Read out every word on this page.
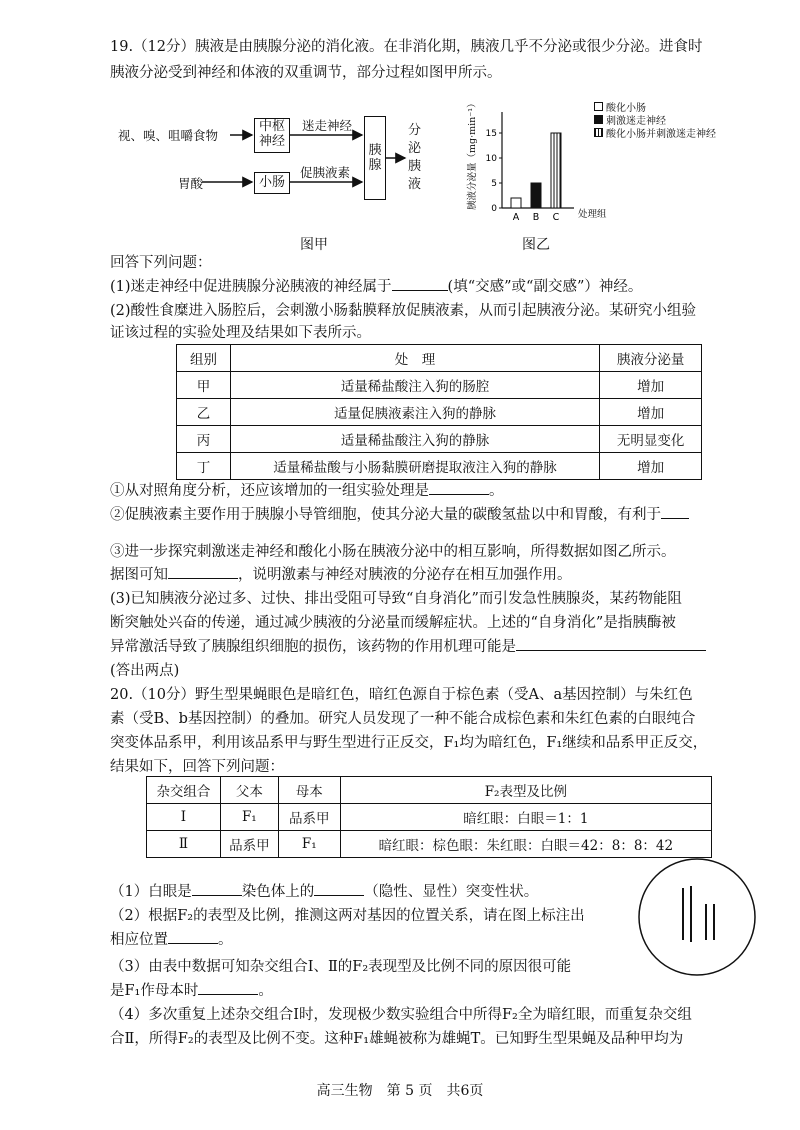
19.（12分）胰液是由胰腺分泌的消化液。在非消化期，胰液几乎不分泌或很少分泌。进食时
胰液分泌受到神经和体液的双重调节，部分过程如图甲所示。
视、嗅、咀嚼食物
中枢
神经
迷走神经
胃酸	小肠
促胰液素
胰
腺
分
泌
胰
液
图甲
0
5
10
15
A B C
胰液分泌量（mg·min⁻¹）
处理组
酸化小肠
刺激迷走神经
酸化小肠并刺激迷走神经
图乙
回答下列问题：
(1)迷走神经中促进胰腺分泌胰液的神经属于	(填“交感”或“副交感”）神经。
(2)酸性食糜进入肠腔后，会刺激小肠黏膜释放促胰液素，从而引起胰液分泌。某研究小组验
证该过程的实验处理及结果如下表所示。
组别	处　理	胰液分泌量
甲	适量稀盐酸注入狗的肠腔	增加
乙	适量促胰液素注入狗的静脉	增加
丙	适量稀盐酸注入狗的静脉	无明显变化
丁	适量稀盐酸与小肠黏膜研磨提取液注入狗的静脉	增加
①从对照角度分析，还应该增加的一组实验处理是	。
②促胰液素主要作用于胰腺小导管细胞，使其分泌大量的碳酸氢盐以中和胃酸，有利于
③进一步探究刺激迷走神经和酸化小肠在胰液分泌中的相互影响，所得数据如图乙所示。
据图可知	，说明激素与神经对胰液的分泌存在相互加强作用。
(3)已知胰液分泌过多、过快、排出受阻可导致“自身消化”而引发急性胰腺炎，某药物能阻
断突触处兴奋的传递，通过减少胰液的分泌量而缓解症状。上述的“自身消化”是指胰酶被
异常激活导致了胰腺组织细胞的损伤，该药物的作用机理可能是
(答出两点)
20.（10分）野生型果蝇眼色是暗红色，暗红色源自于棕色素（受A、a基因控制）与朱红色
素（受B、b基因控制）的叠加。研究人员发现了一种不能合成棕色素和朱红色素的白眼纯合
突变体品系甲，利用该品系甲与野生型进行正反交，F₁均为暗红色，F₁继续和品系甲正反交，
结果如下，回答下列问题：
杂交组合	父本	母本	F₂表型及比例
Ⅰ	F₁	品系甲	暗红眼：白眼＝1：1
Ⅱ	品系甲	F₁	暗红眼：棕色眼：朱红眼：白眼＝42：8：8：42
（1）白眼是	染色体上的	（隐性、显性）突变性状。
（2）根据F₂的表型及比例，推测这两对基因的位置关系，请在图上标注出
相应位置	。
（3）由表中数据可知杂交组合Ⅰ、Ⅱ的F₂表现型及比例不同的原因很可能
是F₁作母本时	。
（4）多次重复上述杂交组合Ⅰ时，发现极少数实验组合中所得F₂全为暗红眼，而重复杂交组
合Ⅱ，所得F₂的表型及比例不变。这种F₁雄蝇被称为雄蝇T。已知野生型果蝇及品种甲均为
高三生物　第 5 页　共6页
